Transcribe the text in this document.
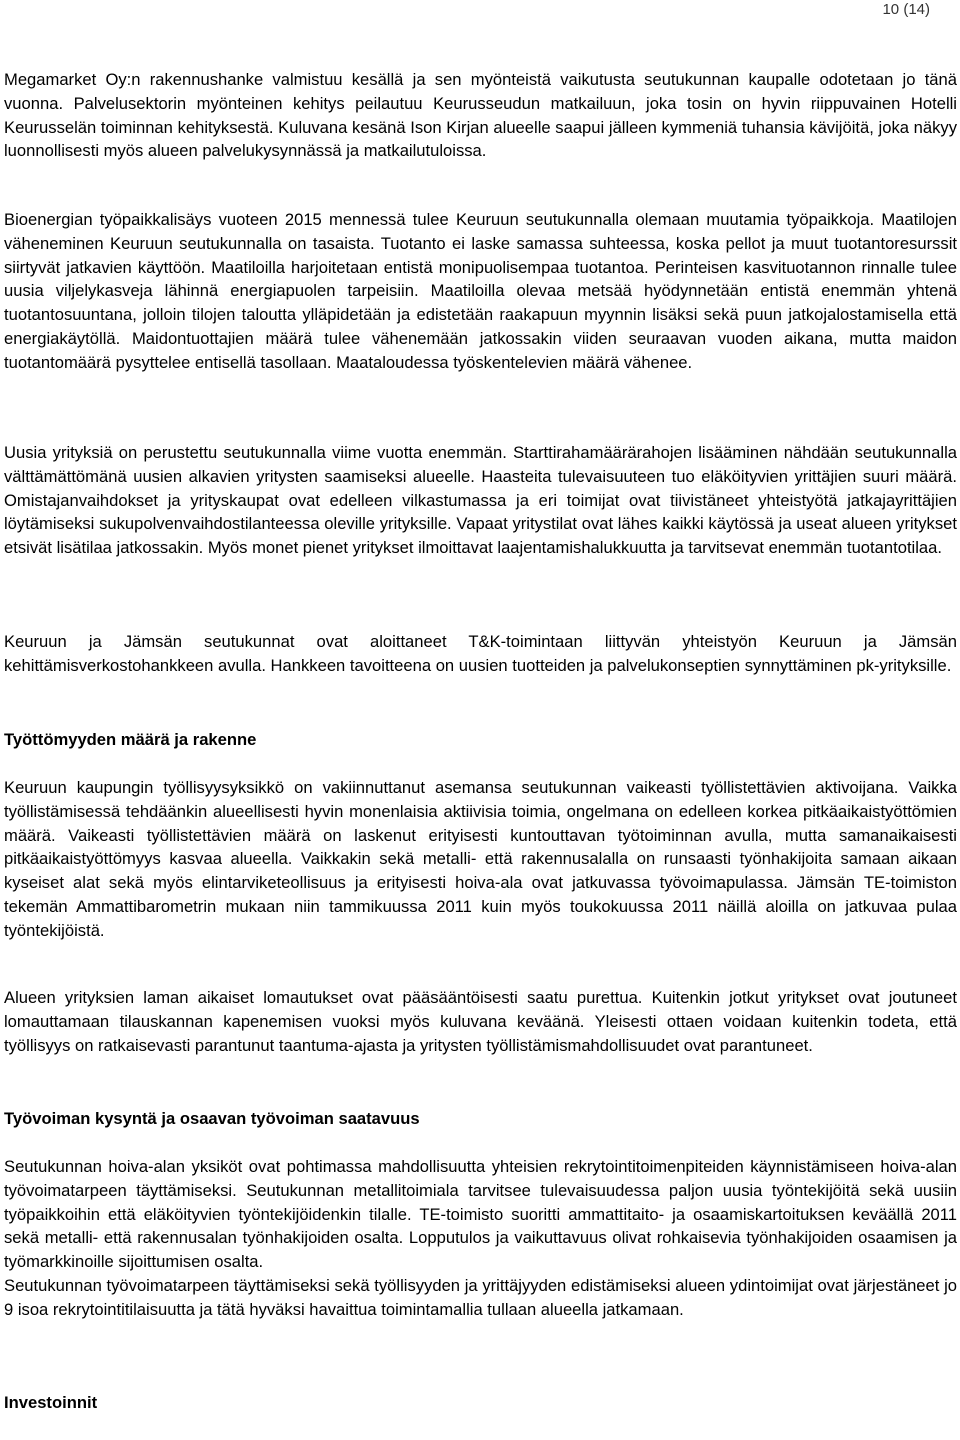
10 (14)

Megamarket Oy:n rakennushanke valmistuu kesällä ja sen myönteistä vaikutusta seutukunnan kaupalle odotetaan jo tänä vuonna. Palvelusektorin myönteinen kehitys peilautuu Keurusseudun matkailuun, joka tosin on hyvin riippuvainen Hotelli Keurusselän toiminnan kehityksestä. Kuluvana kesänä Ison Kirjan alueelle saapui jälleen kymmeniä tuhansia kävijöitä, joka näkyy luonnollisesti myös alueen palvelukysynnässä ja matkailutuloissa.

Bioenergian työpaikkalisäys vuoteen 2015 mennessä tulee Keuruun seutukunnalla olemaan muutamia työpaikkoja. Maatilojen väheneminen Keuruun seutukunnalla on tasaista. Tuotanto ei laske samassa suhteessa, koska pellot ja muut tuotantoresurssit siirtyvät jatkavien käyttöön. Maatiloilla harjoitetaan entistä monipuolisempaa tuotantoa. Perinteisen kasvituotannon rinnalle tulee uusia viljelykasveja lähinnä energiapuolen tarpeisiin. Maatiloilla olevaa metsää hyödynnetään entistä enemmän yhtenä tuotantosuuntana, jolloin tilojen taloutta ylläpidetään ja edistetään raakapuun myynnin lisäksi sekä puun jatkojalostamisella että energiakäytöllä. Maidontuottajien määrä tulee vähenemään jatkossakin viiden seuraavan vuoden aikana, mutta maidon tuotantomäärä pysyttelee entisellä tasollaan. Maataloudessa työskentelevien määrä vähenee.

Uusia yrityksiä on perustettu seutukunnalla viime vuotta enemmän. Starttirahamäärärahojen lisääminen nähdään seutukunnalla välttämättömänä uusien alkavien yritysten saamiseksi alueelle. Haasteita tulevaisuuteen tuo eläköityvien yrittäjien suuri määrä. Omistajanvaihdokset ja yrityskaupat ovat edelleen vilkastumassa ja eri toimijat ovat tiivistäneet yhteistyötä jatkajayrittäjien löytämiseksi sukupolvenvaihdostilanteessa oleville yrityksille. Vapaat yritystilat ovat lähes kaikki käytössä ja useat alueen yritykset etsivät lisätilaa jatkossakin. Myös monet pienet yritykset ilmoittavat laajentamishalukkuutta ja tarvitsevat enemmän tuotantotilaa.

Keuruun ja Jämsän seutukunnat ovat aloittaneet T&K-toimintaan liittyvän yhteistyön Keuruun ja Jämsän kehittämisverkostohankkeen avulla. Hankkeen tavoitteena on uusien tuotteiden ja palvelukonseptien synnyttäminen pk-yrityksille.

Työttömyyden määrä ja rakenne

Keuruun kaupungin työllisyysyksikkö on vakiinnuttanut asemansa seutukunnan vaikeasti työllistettävien aktivoijana. Vaikka työllistämisessä tehdäänkin alueellisesti hyvin monenlaisia aktiivisia toimia, ongelmana on edelleen korkea pitkäaikaistyöttömien määrä. Vaikeasti työllistettävien määrä on laskenut erityisesti kuntouttavan työtoiminnan avulla, mutta samanaikaisesti pitkäaikaistyöttömyys kasvaa alueella. Vaikkakin sekä metalli- että rakennusalalla on runsaasti työnhakijoita samaan aikaan kyseiset alat sekä myös elintarviketeollisuus ja erityisesti hoiva-ala ovat jatkuvassa työvoimapulassa. Jämsän TE-toimiston tekemän Ammattibarometrin mukaan niin tammikuussa 2011 kuin myös toukokuussa 2011 näillä aloilla on jatkuvaa pulaa työntekijöistä.

Alueen yrityksien laman aikaiset lomautukset ovat pääsääntöisesti saatu purettua. Kuitenkin jotkut yritykset ovat joutuneet lomauttamaan tilauskannan kapenemisen vuoksi myös kuluvana keväänä. Yleisesti ottaen voidaan kuitenkin todeta, että työllisyys on ratkaisevasti parantunut taantuma-ajasta ja yritysten työllistämismahdollisuudet ovat parantuneet.

Työvoiman kysyntä ja osaavan työvoiman saatavuus

Seutukunnan hoiva-alan yksiköt ovat pohtimassa mahdollisuutta yhteisien rekrytointitoimenpiteiden käynnistämiseen hoiva-alan työvoimatarpeen täyttämiseksi. Seutukunnan metallitoimiala tarvitsee tulevaisuudessa paljon uusia työntekijöitä sekä uusiin työpaikkoihin että eläköityvien työntekijöidenkin tilalle. TE-toimisto suoritti ammattitaito- ja osaamiskartoituksen keväällä 2011 sekä metalli- että rakennusalan työnhakijoiden osalta. Lopputulos ja vaikuttavuus olivat rohkaisevia työnhakijoiden osaamisen ja työmarkkinoille sijoittumisen osalta.

Seutukunnan työvoimatarpeen täyttämiseksi sekä työllisyyden ja yrittäjyyden edistämiseksi alueen ydintoimijat ovat järjestäneet jo 9 isoa rekrytointitilaisuutta ja tätä hyväksi havaittua toimintamallia tullaan alueella jatkamaan.

Investoinnit
